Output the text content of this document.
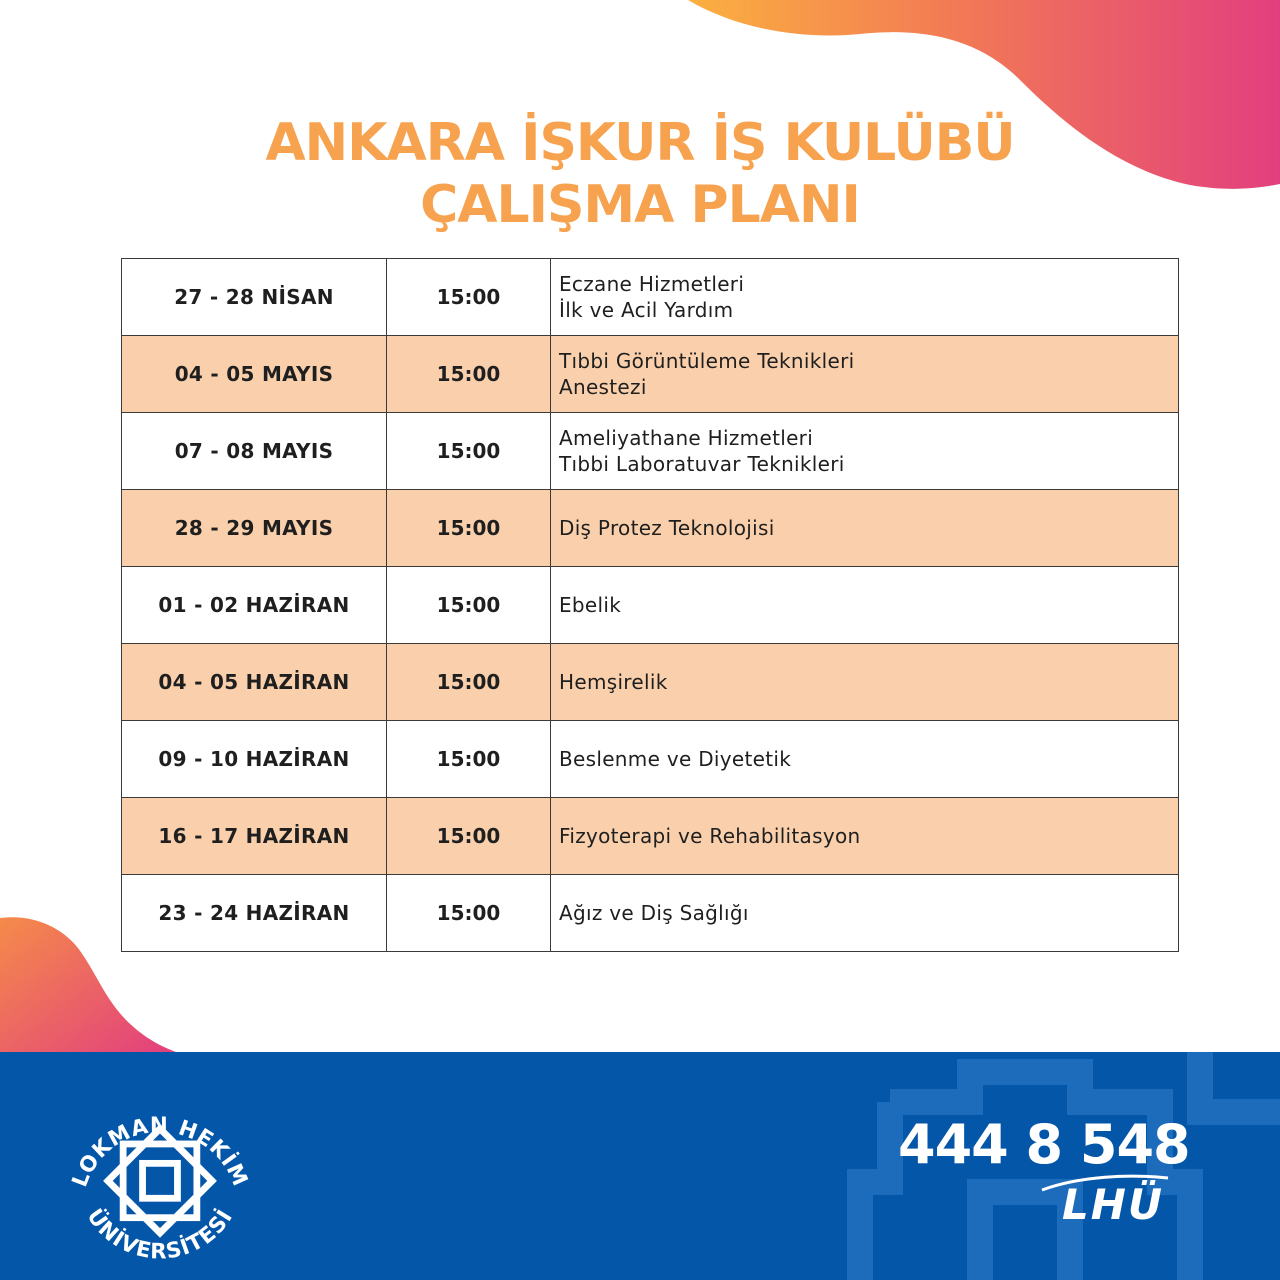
ANKARA İŞKUR İŞ KULÜBÜ
ÇALIŞMA PLANI
27 - 28 NİSAN	15:00	Eczane Hizmetleri
İlk ve Acil Yardım

04 - 05 MAYIS	15:00	Tıbbi Görüntüleme Teknikleri
Anestezi

07 - 08 MAYIS	15:00	Ameliyathane Hizmetleri
Tıbbi Laboratuvar Teknikleri

28 - 29 MAYIS	15:00	Diş Protez Teknolojisi

01 - 02 HAZİRAN	15:00	Ebelik

04 - 05 HAZİRAN	15:00	Hemşirelik

09 - 10 HAZİRAN	15:00	Beslenme ve Diyetetik

16 - 17 HAZİRAN	15:00	Fizyoterapi ve Rehabilitasyon

23 - 24 HAZİRAN	15:00	Ağız ve Diş Sağlığı
LOKMAN HEKİM
ÜNİVERSİTESİ
444 8 548
LHÜ
